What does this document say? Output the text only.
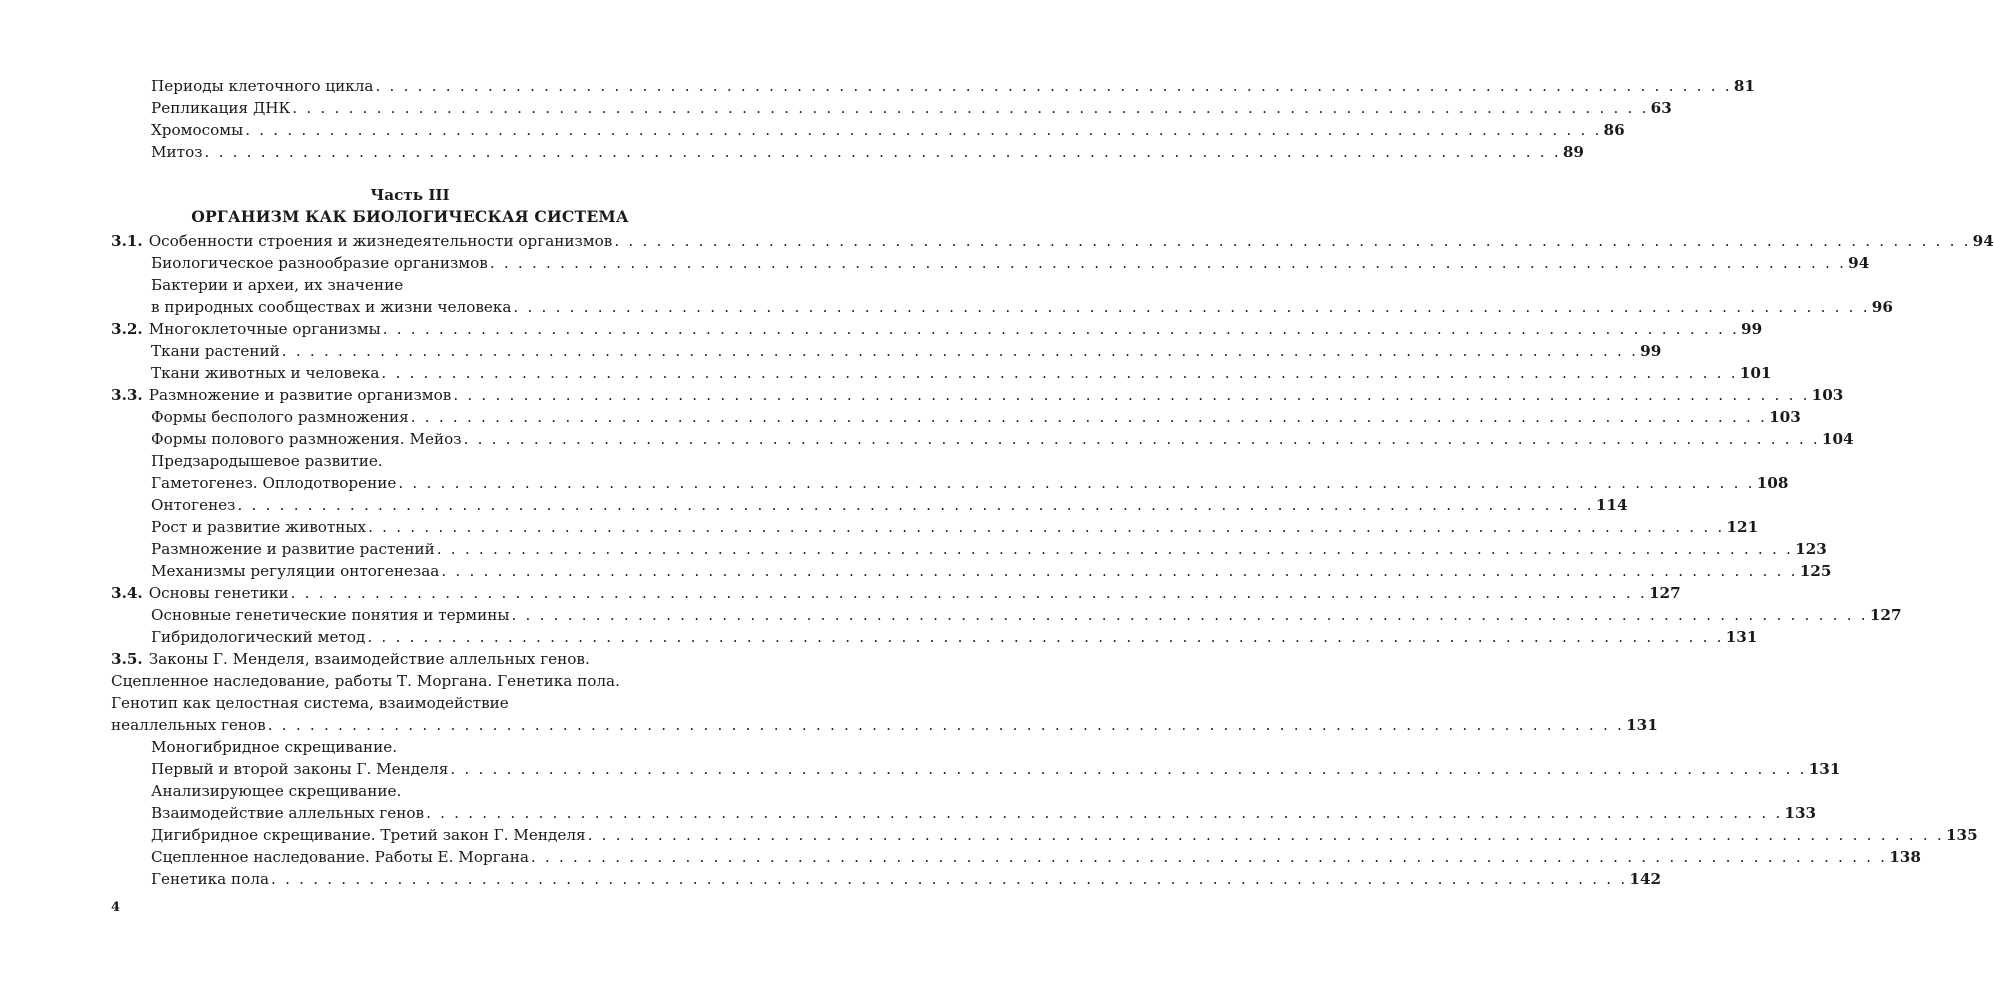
Периоды клеточного цикла . . .	81
Репликация ДНК . . .	63
Хромосомы . . .	86
Митоз . . .	89
Часть III
ОРГАНИЗМ КАК БИОЛОГИЧЕСКАЯ СИСТЕМА
3.1. Особенности строения и жизнедеятельности организмов . . .	94
Биологическое разнообразие организмов . . .	94
Бактерии и археи, их значение
в природных сообществах и жизни человека . . .	96
3.2. Многоклеточные организмы . . .	99
Ткани растений . . .	99
Ткани животных и человека . . .	101
3.3. Размножение и развитие организмов . . .	103
Формы бесполого размножения . . .	103
Формы полового размножения. Мейоз . . .	104
Предзародышевое развитие.
Гаметогенез. Оплодотворение . . .	108
Онтогенез . . .	114
Рост и развитие животных . . .	121
Размножение и развитие растений . . .	123
Механизмы регуляции онтогенезаа . . .	125
3.4. Основы генетики . . .	127
Основные генетические понятия и термины . . .	127
Гибридологический метод . . .	131
3.5. Законы Г. Менделя, взаимодействие аллельных генов.
Сцепленное наследование, работы Т. Моргана. Генетика пола.
Генотип как целостная система, взаимодействие
неаллельных генов . . .	131
Моногибридное скрещивание.
Первый и второй законы Г. Менделя . . .	131
Анализирующее скрещивание.
Взаимодействие аллельных генов . . .	133
Дигибридное скрещивание. Третий закон Г. Менделя . . .	135
Сцепленное наследование. Работы Е. Моргана . . .	138
Генетика пола . . .	142
4
